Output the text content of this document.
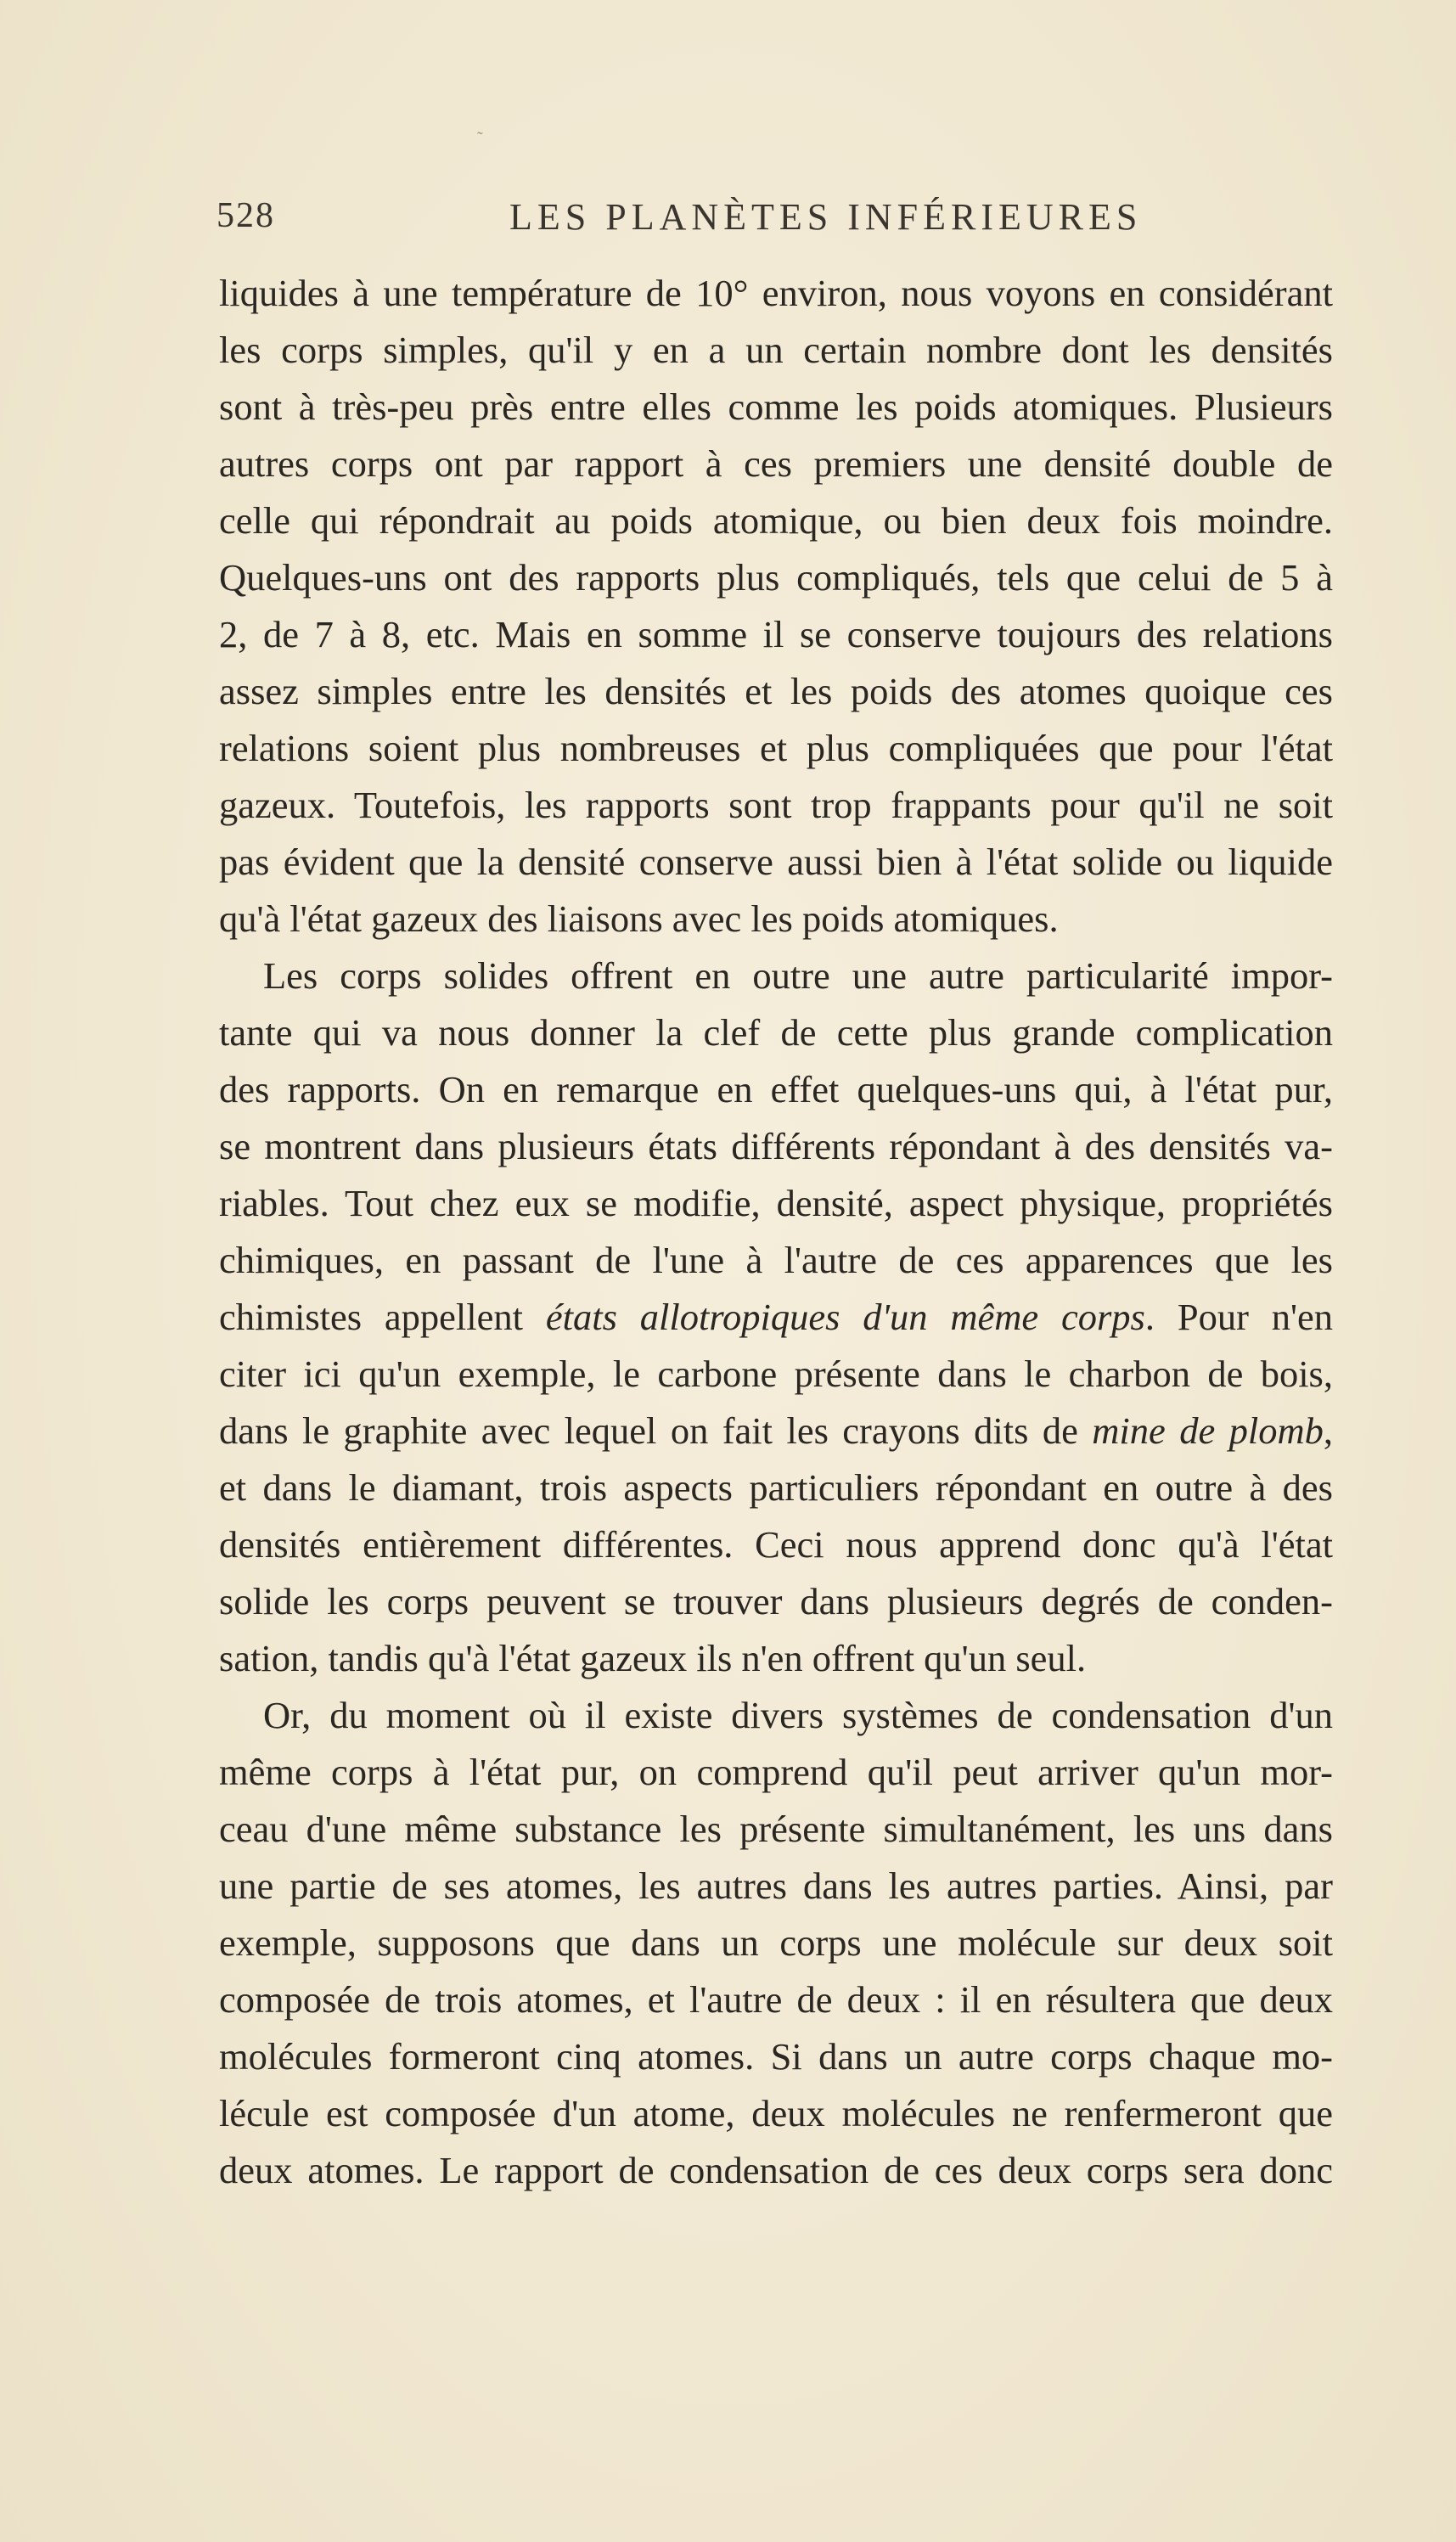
˜
528	LES PLANÈTES INFÉRIEURES
liquides à une température de 10° environ, nous voyons en considérant
les corps simples, qu'il y en a un certain nombre dont les densités
sont à très-peu près entre elles comme les poids atomiques. Plusieurs
autres corps ont par rapport à ces premiers une densité double de
celle qui répondrait au poids atomique, ou bien deux fois moindre.
Quelques-uns ont des rapports plus compliqués, tels que celui de 5 à
2, de 7 à 8, etc. Mais en somme il se conserve toujours des relations
assez simples entre les densités et les poids des atomes quoique ces
relations soient plus nombreuses et plus compliquées que pour l'état
gazeux. Toutefois, les rapports sont trop frappants pour qu'il ne soit
pas évident que la densité conserve aussi bien à l'état solide ou liquide
qu'à l'état gazeux des liaisons avec les poids atomiques.
Les corps solides offrent en outre une autre particularité impor-
tante qui va nous donner la clef de cette plus grande complication
des rapports. On en remarque en effet quelques-uns qui, à l'état pur,
se montrent dans plusieurs états différents répondant à des densités va-
riables. Tout chez eux se modifie, densité, aspect physique, propriétés
chimiques, en passant de l'une à l'autre de ces apparences que les
chimistes appellent états allotropiques d'un même corps. Pour n'en
citer ici qu'un exemple, le carbone présente dans le charbon de bois,
dans le graphite avec lequel on fait les crayons dits de mine de plomb,
et dans le diamant, trois aspects particuliers répondant en outre à des
densités entièrement différentes. Ceci nous apprend donc qu'à l'état
solide les corps peuvent se trouver dans plusieurs degrés de conden-
sation, tandis qu'à l'état gazeux ils n'en offrent qu'un seul.
Or, du moment où il existe divers systèmes de condensation d'un
même corps à l'état pur, on comprend qu'il peut arriver qu'un mor-
ceau d'une même substance les présente simultanément, les uns dans
une partie de ses atomes, les autres dans les autres parties. Ainsi, par
exemple, supposons que dans un corps une molécule sur deux soit
composée de trois atomes, et l'autre de deux : il en résultera que deux
molécules formeront cinq atomes. Si dans un autre corps chaque mo-
lécule est composée d'un atome, deux molécules ne renfermeront que
deux atomes. Le rapport de condensation de ces deux corps sera donc
